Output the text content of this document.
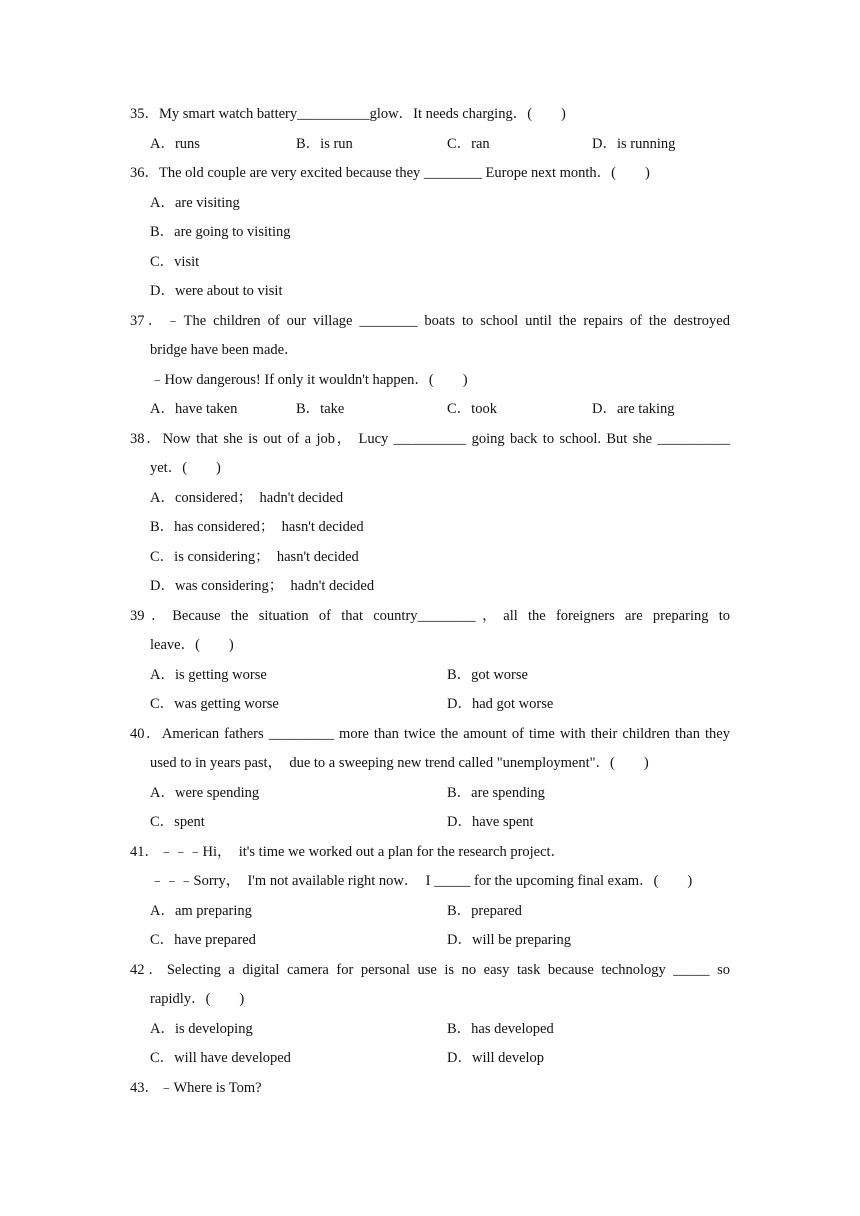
35．My smart watch battery__________glow．It needs charging．(　　)
A．runs	B．is run	C．ran	D．is running
36．The old couple are very excited because they ________ Europe next month．(　　)
A．are visiting
B．are going to visiting
C．visit
D．were about to visit
37．﹣The children of our village ________ boats to school until the repairs of the destroyed
bridge have been made．
﹣How dangerous! If only it wouldn't happen．(　　)
A．have taken	B．take	C．took	D．are taking
38．Now that she is out of a job， Lucy __________ going back to school. But she __________
yet．(　　)
A．considered；  hadn't decided
B．has considered；  hasn't decided
C．is considering；  hasn't decided
D．was considering；  hadn't decided
39．Because the situation of that country________，all the foreigners are preparing to
leave．(　　)
A．is getting worse	B．got worse
C．was getting worse	D．had got worse
40．American fathers _________ more than twice the amount of time with their children than they
used to in years past，  due to a sweeping new trend called "unemployment"．(　　)
A．were spending	B．are spending
C．spent	D．have spent
41．﹣﹣﹣Hi，  it's time we worked out a plan for the research project．
﹣﹣﹣Sorry，  I'm not available right now．  I _____ for the upcoming final exam．(　　)
A．am preparing	B．prepared
C．have prepared	D．will be preparing
42．Selecting a digital camera for personal use is no easy task because technology _____ so
rapidly．(　　)
A．is developing	B．has developed
C．will have developed	D．will develop
43．﹣Where is Tom?
